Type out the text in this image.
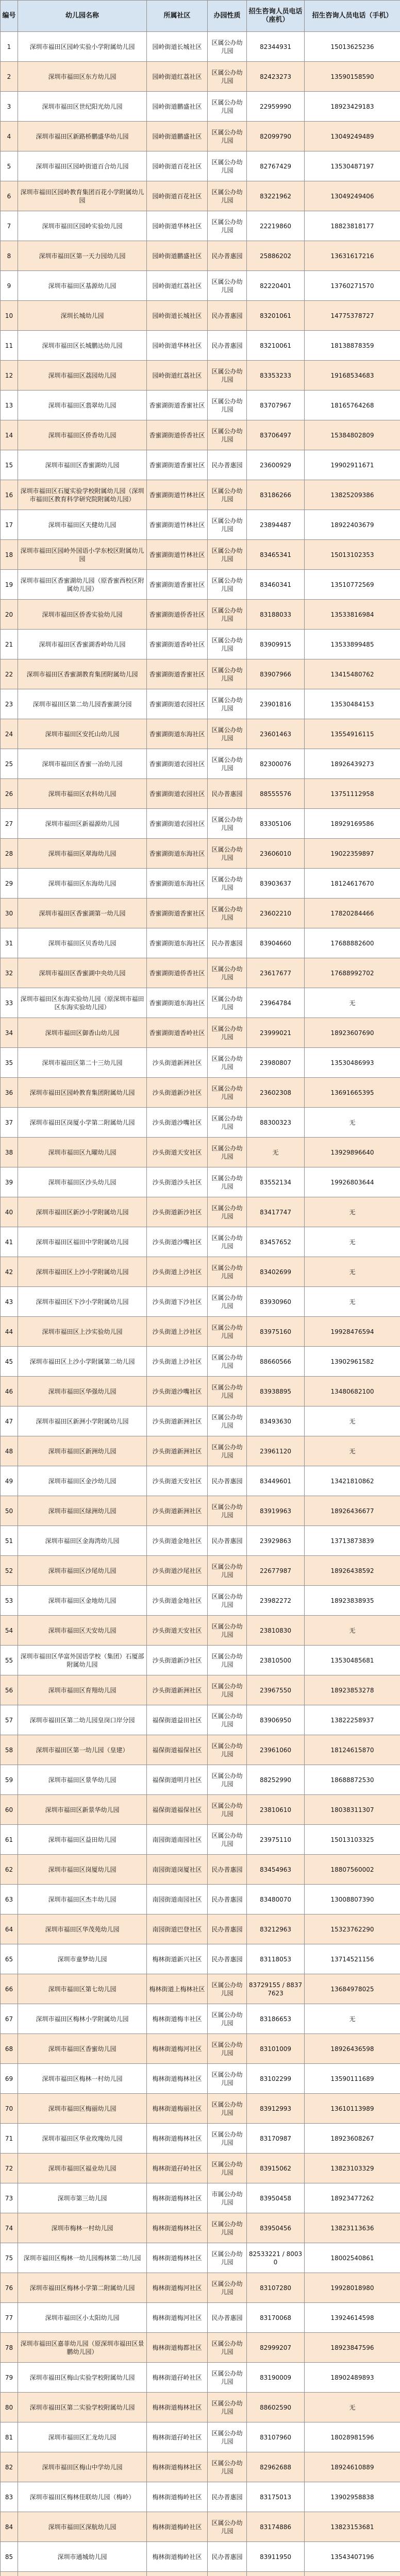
编号	幼儿园名称	所属社区	办园性质	招生咨询人员电话（座机）	招生咨询人员电话（手机）
1	深圳市福田区园岭实验小学附属幼儿园	园岭街道长城社区	区属公办幼儿园	82344931	15013625236
2	深圳市福田区东方幼儿园	园岭街道红荔社区	区属公办幼儿园	82423273	13590158590
3	深圳市福田区世纪阳光幼儿园	园岭街道鹏盛社区	区属公办幼儿园	22959990	18923429183
4	深圳市福田区新路桥鹏盛华幼儿园	园岭街道鹏盛社区	区属公办幼儿园	82099790	13049249489
5	深圳市福田区园岭街道百合幼儿园	园岭街道百花社区	区属公办幼儿园	82767429	13530487197
6	深圳市福田区园岭教育集团百花小学附属幼儿园	园岭街道百花社区	区属公办幼儿园	83221962	13049249406
7	深圳市福田区园岭实验幼儿园	园岭街道华林社区	区属公办幼儿园	22219860	18823818177
8	深圳市福田区第一天力园幼儿园	园岭街道鹏盛社区	民办普惠园	25886202	13631617216
9	深圳市福田区基源幼儿园	园岭街道红荔社区	区属公办幼儿园	82220401	13760271570
10	深圳长城幼儿园	园岭街道长城社区	民办普惠园	83201061	14775378727
11	深圳市福田区长城鹏达幼儿园	园岭街道华林社区	民办普惠园	83210061	18138878359
12	深圳市福田区荔园幼儿园	园岭街道红荔社区	区属公办幼儿园	83353233	19168534683
13	深圳市福田区翡翠幼儿园	香蜜湖街道香蜜社区	区属公办幼儿园	83707967	18165764268
14	深圳市福田区侨香幼儿园	香蜜湖街道侨香社区	区属公办幼儿园	83706497	15384802809
15	深圳市福田区香蜜湖幼儿园	香蜜湖街道香蜜社区	民办普惠园	23600929	19902911671
16	深圳市福田区石厦实验学校附属幼儿园（深圳市福田区教育科学研究院附属幼儿园）	香蜜湖街道竹林社区	区属公办幼儿园	83186266	13825209386
17	深圳市福田区天健幼儿园	香蜜湖街道竹林社区	区属公办幼儿园	23894487	18922403679
18	深圳市福田区园岭外国语小学东校区附属幼儿园	香蜜湖街道竹林社区	区属公办幼儿园	83465341	15013102353
19	深圳市福田区香蜜湖幼儿园（原香蜜西校区附属幼儿园）	香蜜湖街道香蜜社区	区属公办幼儿园	83460341	13510772569
20	深圳市福田区侨香实验幼儿园	香蜜湖街道侨香社区	区属公办幼儿园	83188033	13533816984
21	深圳市福田区香蜜湖香岭幼儿园	香蜜湖街道香岭社区	区属公办幼儿园	83909915	13533899485
22	深圳市福田区香蜜湖教育集团附属幼儿园	香蜜湖街道香蜜社区	区属公办幼儿园	83907966	13415480762
23	深圳市福田区第二幼儿园香蜜湖分园	香蜜湖街道农园社区	区属公办幼儿园	23901816	13530484153
24	深圳市福田区安托山幼儿园	香蜜湖街道东海社区	区属公办幼儿园	23601463	13554916115
25	深圳市福田区香蜜一冶幼儿园	香蜜湖街道农园社区	区属公办幼儿园	82300076	18926439273
26	深圳市福田区农科幼儿园	香蜜湖街道农园社区	民办普惠园	88555576	13751112958
27	深圳市福田区新福源幼儿园	香蜜湖街道农园社区	区属公办幼儿园	83305106	18929169586
28	深圳市福田区翠海幼儿园	香蜜湖街道东海社区	区属公办幼儿园	23606010	19022359897
29	深圳市福田区东海幼儿园	香蜜湖街道东海社区	区属公办幼儿园	83903637	18124617670
30	深圳市福田区香蜜湖第一幼儿园	香蜜湖街道香蜜社区	区属公办幼儿园	23602210	17820284466
31	深圳市福田区贝香幼儿园	香蜜湖街道东海社区	民办普惠园	83904660	17688882600
32	深圳市福田区香蜜湖中央幼儿园	香蜜湖街道侨香社区	区属公办幼儿园	23617677	17688992702
33	深圳市福田区东海实验幼儿园（原深圳市福田区东海实验幼儿园）	香蜜湖街道东海社区	区属公办幼儿园	23964784	无
34	深圳市福田区御香山幼儿园	香蜜湖街道香岭社区	区属公办幼儿园	23999021	18923607690
35	深圳市福田区第二十三幼儿园	沙头街道新洲社区	区属公办幼儿园	23980807	13530486993
36	深圳市福田区园岭教育集团附属幼儿园	沙头街道新沙社区	区属公办幼儿园	23602308	13691665395
37	深圳市福田区岗厦小学第二附属幼儿园	沙头街道沙嘴社区	区属公办幼儿园	88300323	无
38	深圳市福田区九曜幼儿园	沙头街道天安社区	区属公办幼儿园	无	13929896640
39	深圳市福田区沙头幼儿园	沙头街道沙头社区	区属公办幼儿园	83552134	19926803644
40	深圳市福田区新沙小学附属幼儿园	沙头街道新沙社区	区属公办幼儿园	83417747	无
41	深圳市福田区福田中学附属幼儿园	沙头街道沙嘴社区	区属公办幼儿园	83457652	无
42	深圳市福田区上沙小学附属幼儿园	沙头街道上沙社区	区属公办幼儿园	83402699	无
43	深圳市福田区下沙小学附属幼儿园	沙头街道下沙社区	区属公办幼儿园	83930960	无
44	深圳市福田区上沙实验幼儿园	沙头街道上沙社区	区属公办幼儿园	83975160	19928476594
45	深圳市福田区上沙小学附属第二幼儿园	沙头街道上沙社区	区属公办幼儿园	88660566	13902961582
46	深圳市福田区华强幼儿园	沙头街道沙嘴社区	区属公办幼儿园	83938895	13480682100
47	深圳市福田区新洲小学附属幼儿园	沙头街道新洲社区	区属公办幼儿园	83493630	无
48	深圳市福田区新洲幼儿园	沙头街道新洲社区	区属公办幼儿园	23961120	无
49	深圳市福田区金沙幼儿园	沙头街道天安社区	民办普惠园	83449601	13421810862
50	深圳市福田区绿洲幼儿园	沙头街道新洲社区	区属公办幼儿园	83919963	18926436677
51	深圳市福田区金海湾幼儿园	沙头街道金地社区	民办普惠园	23929863	13713873839
52	深圳市福田区沙尾幼儿园	沙头街道沙尾社区	区属公办幼儿园	22677987	18926438592
53	深圳市福田区金地幼儿园	沙头街道金地社区	区属公办幼儿园	23982272	18923838935
54	深圳市福田区天安幼儿园	沙头街道天安社区	区属公办幼儿园	23810830	无
55	深圳市福田区华富外国语学校（集团）石厦部附属幼儿园	沙头街道新沙社区	区属公办幼儿园	23810500	13530485681
56	深圳市福田区育翔幼儿园	沙头街道新洲社区	区属公办幼儿园	23967550	18923853278
57	深圳市福田区第二幼儿园皇岗口岸分园	福保街道益田社区	区属公办幼儿园	83906950	13822258937
58	深圳市福田区第一幼儿园（皇建）	福保街道福保社区	区属公办幼儿园	23961060	18124615870
59	深圳市福田区景华幼儿园	福保街道明月社区	区属公办幼儿园	88252990	18688872530
60	深圳市福田区新景华幼儿园	福保街道福保社区	区属公办幼儿园	23810610	18038311307
61	深圳市福田区益田幼儿园	南园街道南园社区	区属公办幼儿园	23975110	15013103325
62	深圳市福田区岗厦幼儿园	南园街道岗厦社区	民办普惠园	83454963	18807560002
63	深圳市福田区杰丰幼儿园	南园街道南园社区	民办普惠园	83480070	13008807390
64	深圳市福田区华茂苑幼儿园	南园街道巴登社区	民办普惠园	83212963	15323762290
65	深圳市童梦幼儿园	梅林街道新兴社区	民办普惠园	83118053	13714521156
66	深圳市福田区第七幼儿园	梅林街道上梅林社区	区属公办幼儿园	83729155 / 88377623	13684978025
67	深圳市福田区梅林小学附属幼儿园	梅林街道梅丰社区	区属公办幼儿园	83186653	无
68	深圳市福田区香蜜幼儿园	梅林街道梅河社区	区属公办幼儿园	83101009	18926436598
69	深圳市福田区梅林一村幼儿园	梅林街道梅林社区	区属公办幼儿园	83102299	13590111689
70	深圳市福田区梅丽幼儿园	梅林街道梅丽社区	区属公办幼儿园	83912993	13610113989
71	深圳市福田区华业玫瑰幼儿园	梅林街道梅林社区	区属公办幼儿园	83170987	18923608267
72	深圳市福田区福业幼儿园	梅林街道孖岭社区	区属公办幼儿园	83915062	13823103329
73	深圳市第三幼儿园	梅林街道梅林社区	市属公办幼儿园	83950458	18923477262
74	深圳市梅林一村幼儿园	梅林街道梅林社区	区属公办幼儿园	83950456	13823113636
75	深圳市福田区梅林一幼儿园梅林第二幼儿园	梅林街道梅林社区	区属公办幼儿园	82533221 / 80030	18002540861
76	深圳市福田区梅林小学第二附属幼儿园	梅林街道梅河社区	区属公办幼儿园	83107280	19928018980
77	深圳市福田区小太阳幼儿园	梅林街道梅河社区	民办普惠园	83170068	13924614598
78	深圳市福田区嘉菲幼儿园（原深圳市福田区景鹏幼儿园）	梅林街道梅都社区	区属公办幼儿园	82999207	18923847596
79	深圳市福田区梅山实验学校附属幼儿园	梅林街道孖岭社区	区属公办幼儿园	83190009	18902489893
80	深圳市福田区第二实验学校附属幼儿园	梅林街道梅林社区	区属公办幼儿园	88602590	无
81	深圳市福田区汇龙幼儿园	梅林街道孖岭社区	区属公办幼儿园	83107960	18028981596
82	深圳市福田区梅山中学幼儿园	梅林街道梅林社区	区属公办幼儿园	82962688	18924610889
83	深圳市福田区梅林佳联幼儿园（梅岭）	梅林街道梅岭社区	民办普惠园	83175013	13902958838
84	深圳市福田区深航幼儿园	梅林街道梅岭社区	区属公办幼儿园	83174886	13823153681
85	深圳市通城幼儿园	梅林街道梅岭社区	民办普惠园	83911950	13543407196
